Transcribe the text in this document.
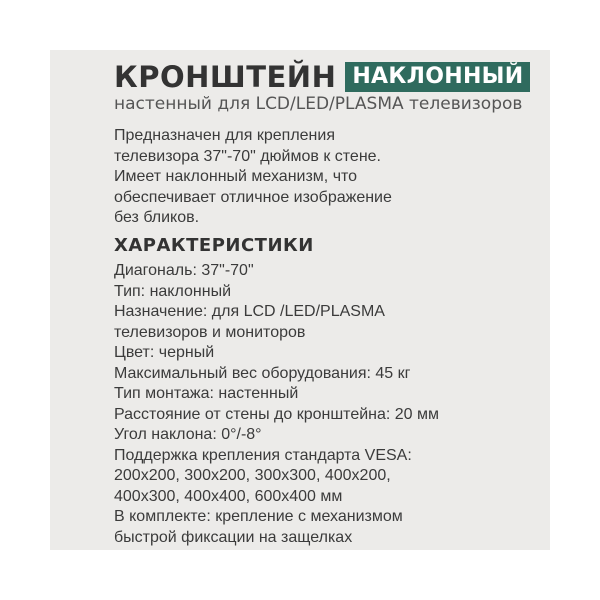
КРОНШТЕЙН НАКЛОННЫЙ
настенный для LCD/LED/PLASMA телевизоров
Предназначен для крепления
телевизора 37"-70" дюймов к стене.
Имеет наклонный механизм, что
обеспечивает отличное изображение
без бликов.
ХАРАКТЕРИСТИКИ
Диагональ: 37"-70"
Тип: наклонный
Назначение: для LCD /LED/PLASMA
телевизоров и мониторов
Цвет: черный
Максимальный вес оборудования: 45 кг
Тип монтажа: настенный
Расстояние от стены до кронштейна: 20 мм
Угол наклона: 0°/-8°
Поддержка крепления стандарта VESA:
200x200, 300x200, 300x300, 400x200,
400x300, 400x400, 600x400 мм
В комплекте: крепление с механизмом
быстрой фиксации на защелках
